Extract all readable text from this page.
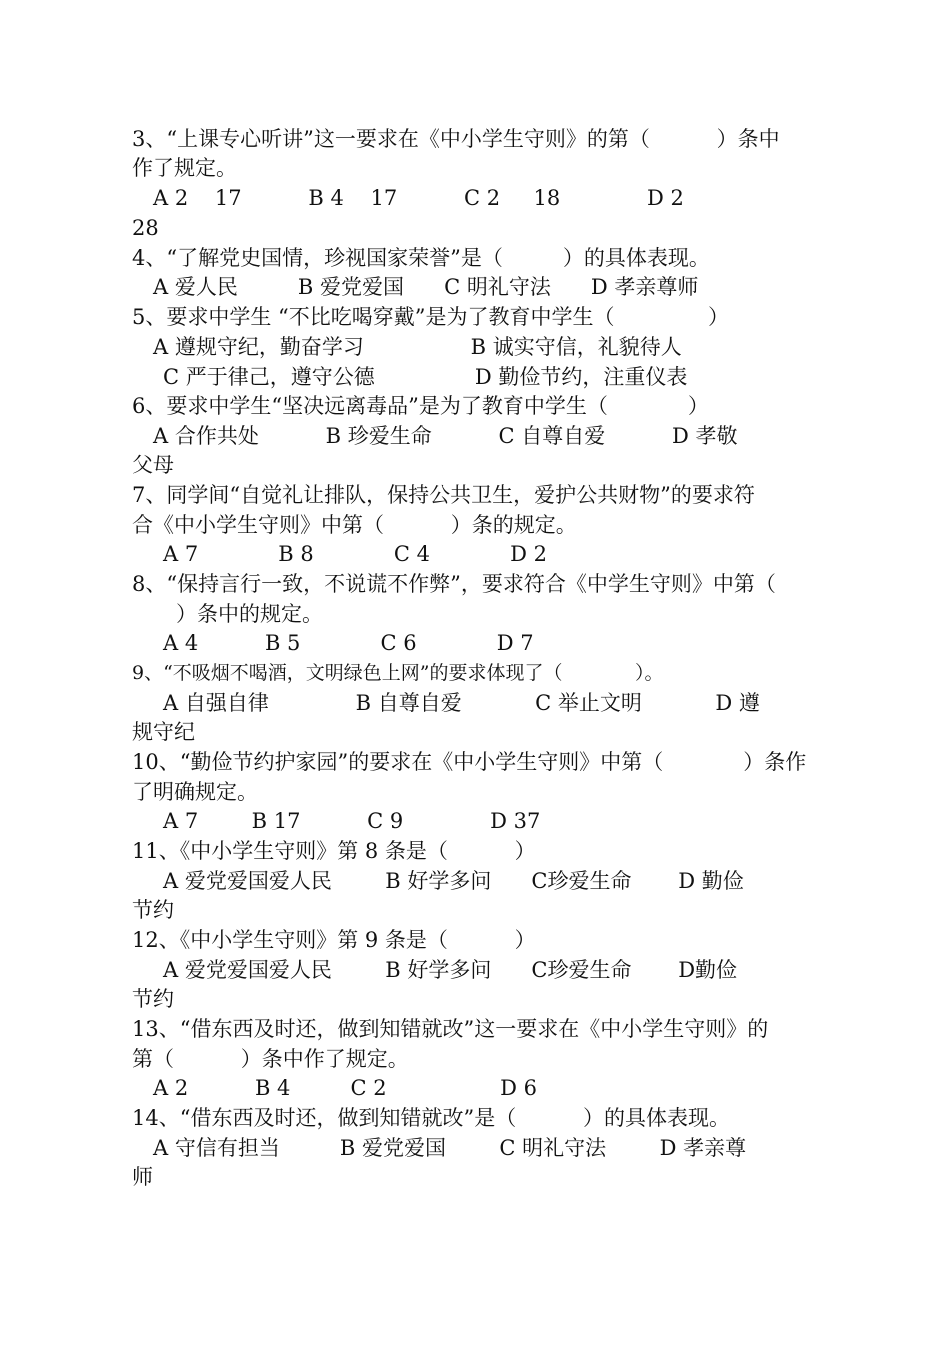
3、“上课专心听讲”这一要求在《中小学生守则》的第（          ）条中
作了规定。
A 2    17          B 4    17          C 2     18             D 2
28
4、“了解党史国情，珍视国家荣誉”是（         ）的具体表现。
A 爱人民         B 爱党爱国      C 明礼守法      D 孝亲尊师
5、要求中学生 “不比吃喝穿戴”是为了教育中学生（              ）
A 遵规守纪，勤奋学习                B 诚实守信，礼貌待人
C 严于律己，遵守公德               D 勤俭节约，注重仪表
6、要求中学生“坚决远离毒品”是为了教育中学生（            ）
A 合作共处          B 珍爱生命          C 自尊自爱          D 孝敬
父母
7、同学间“自觉礼让排队，保持公共卫生，爱护公共财物”的要求符
合《中小学生守则》中第（          ）条的规定。
A 7            B 8            C 4            D 2
8、“保持言行一致，不说谎不作弊”，要求符合《中学生守则》中第（
）条中的规定。
A 4          B 5            C 6            D 7
9、“不吸烟不喝酒，文明绿色上网”的要求体现了（            ）。
A 自强自律             B 自尊自爱           C 举止文明           D 遵
规守纪
10、“勤俭节约护家园”的要求在《中小学生守则》中第（            ）条作
了明确规定。
A 7        B 17          C 9             D 37
11、《中小学生守则》第 8 条是（          ）
A 爱党爱国爱人民        B 好学多问      C珍爱生命       D 勤俭
节约
12、《中小学生守则》第 9 条是（          ）
A 爱党爱国爱人民        B 好学多问      C珍爱生命       D勤俭
节约
13、“借东西及时还，做到知错就改”这一要求在《中小学生守则》的
第（          ）条中作了规定。
A 2          B 4         C 2                 D 6
14、“借东西及时还，做到知错就改”是（          ）的具体表现。
A 守信有担当         B 爱党爱国        C 明礼守法        D 孝亲尊
师
